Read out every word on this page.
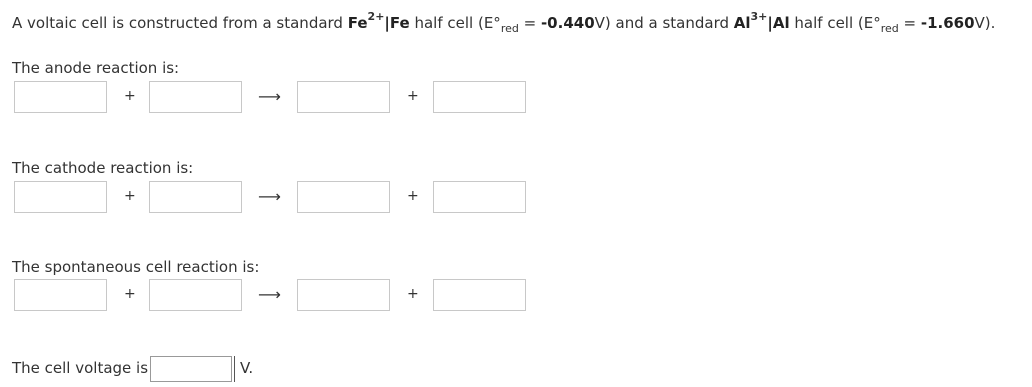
A voltaic cell is constructed from a standard $Fe^{2+}|Fe$ half cell $(E^\circ_{red} = -0.440V)$ and a standard $Al^{3+}|Al$ half cell $(E^\circ_{red} = -1.660V)$.
The anode reaction is:
+	⟶	+
The cathode reaction is:
+	⟶	+
The spontaneous cell reaction is:
+	⟶	+
The cell voltage is	V.
